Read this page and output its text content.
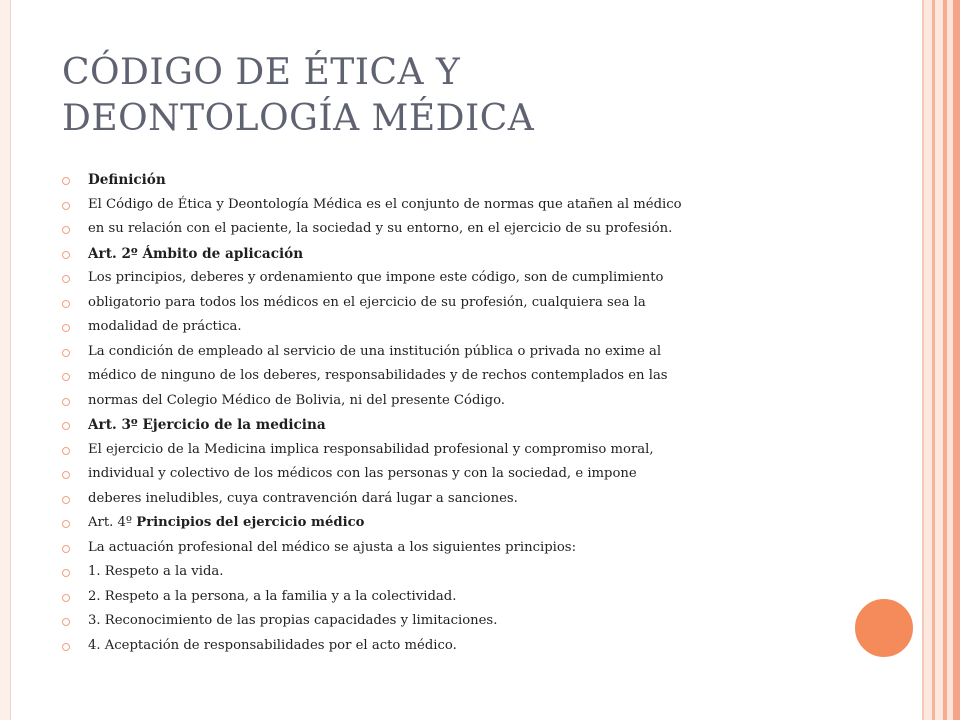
CÓDIGO DE ÉTICA Y
DEONTOLOGÍA MÉDICA
Definición
El Código de Ética y Deontología Médica es el conjunto de normas que atañen al médico
en su relación con el paciente, la sociedad y su entorno, en el ejercicio de su profesión.
Art. 2º Ámbito de aplicación
Los principios, deberes y ordenamiento que impone este código, son de cumplimiento
obligatorio para todos los médicos en el ejercicio de su profesión, cualquiera sea la
modalidad de práctica.
La condición de empleado al servicio de una institución pública o privada no exime al
médico de ninguno de los deberes, responsabilidades y de rechos contemplados en las
normas del Colegio Médico de Bolivia, ni del presente Código.
Art. 3º Ejercicio de la medicina
El ejercicio de la Medicina implica responsabilidad profesional y compromiso moral,
individual y colectivo de los médicos con las personas y con la sociedad, e impone
deberes ineludibles, cuya contravención dará lugar a sanciones.
Art. 4º Principios del ejercicio médico
La actuación profesional del médico se ajusta a los siguientes principios:
1. Respeto a la vida.
2. Respeto a la persona, a la familia y a la colectividad.
3. Reconocimiento de las propias capacidades y limitaciones.
4. Aceptación de responsabilidades por el acto médico.
